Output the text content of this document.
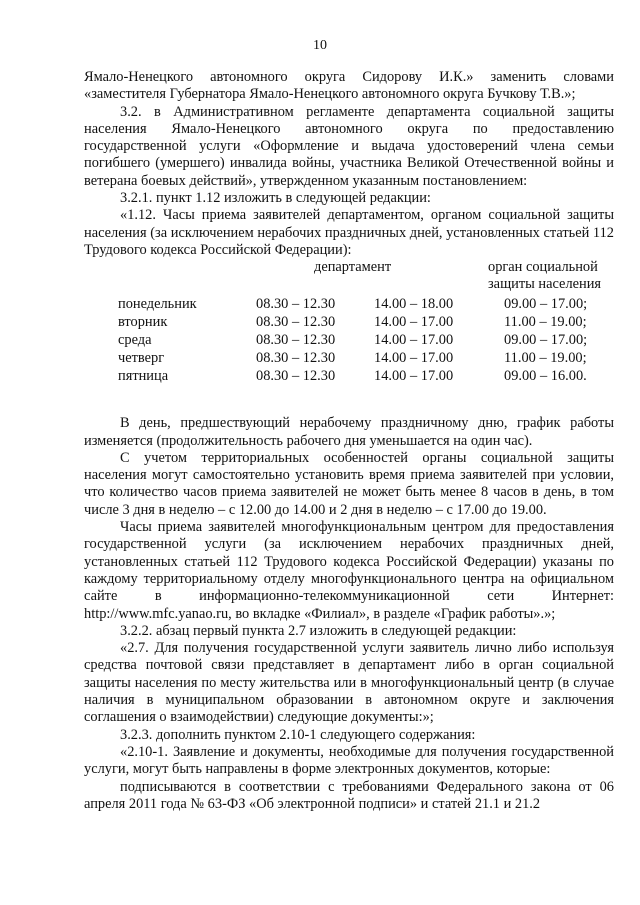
10

Ямало-Ненецкого автономного округа Сидорову И.К.» заменить словами «заместителя Губернатора Ямало-Ненецкого автономного округа Бучкову Т.В.»;

3.2. в Административном регламенте департамента социальной защиты населения Ямало-Ненецкого автономного округа по предоставлению государственной услуги «Оформление и выдача удостоверений члена семьи погибшего (умершего) инвалида войны, участника Великой Отечественной войны и ветерана боевых действий», утвержденном указанным постановлением:

3.2.1. пункт 1.12 изложить в следующей редакции:

«1.12. Часы приема заявителей департаментом, органом социальной защиты населения (за исключением нерабочих праздничных дней, установленных статьей 112 Трудового кодекса Российской Федерации):

департамент	орган социальной
защиты населения
понедельник	08.30 – 12.30	14.00 – 18.00	09.00 – 17.00;
вторник	08.30 – 12.30	14.00 – 17.00	11.00 – 19.00;
среда	08.30 – 12.30	14.00 – 17.00	09.00 – 17.00;
четверг	08.30 – 12.30	14.00 – 17.00	11.00 – 19.00;
пятница	08.30 – 12.30	14.00 – 17.00	09.00 – 16.00.

В день, предшествующий нерабочему праздничному дню, график работы изменяется (продолжительность рабочего дня уменьшается на один час).

С учетом территориальных особенностей органы социальной защиты населения могут самостоятельно установить время приема заявителей при условии, что количество часов приема заявителей не может быть менее 8 часов в день, в том числе 3 дня в неделю – с 12.00 до 14.00 и 2 дня в неделю – с 17.00 до 19.00.

Часы приема заявителей многофункциональным центром для предоставления государственной услуги (за исключением нерабочих праздничных дней, установленных статьей 112 Трудового кодекса Российской Федерации) указаны по каждому территориальному отделу многофункционального центра на официальном сайте в информационно-телекоммуникационной сети Интернет: http://www.mfc.yanao.ru, во вкладке «Филиал», в разделе «График работы».»;

3.2.2. абзац первый пункта 2.7 изложить в следующей редакции:

«2.7. Для получения государственной услуги заявитель лично либо используя средства почтовой связи представляет в департамент либо в орган социальной защиты населения по месту жительства или в многофункциональный центр (в случае наличия в муниципальном образовании в автономном округе и заключения соглашения о взаимодействии) следующие документы:»;

3.2.3. дополнить пунктом 2.10-1 следующего содержания:

«2.10-1. Заявление и документы, необходимые для получения государственной услуги, могут быть направлены в форме электронных документов, которые:

подписываются в соответствии с требованиями Федерального закона от 06 апреля 2011 года № 63-ФЗ «Об электронной подписи» и статей 21.1 и 21.2
